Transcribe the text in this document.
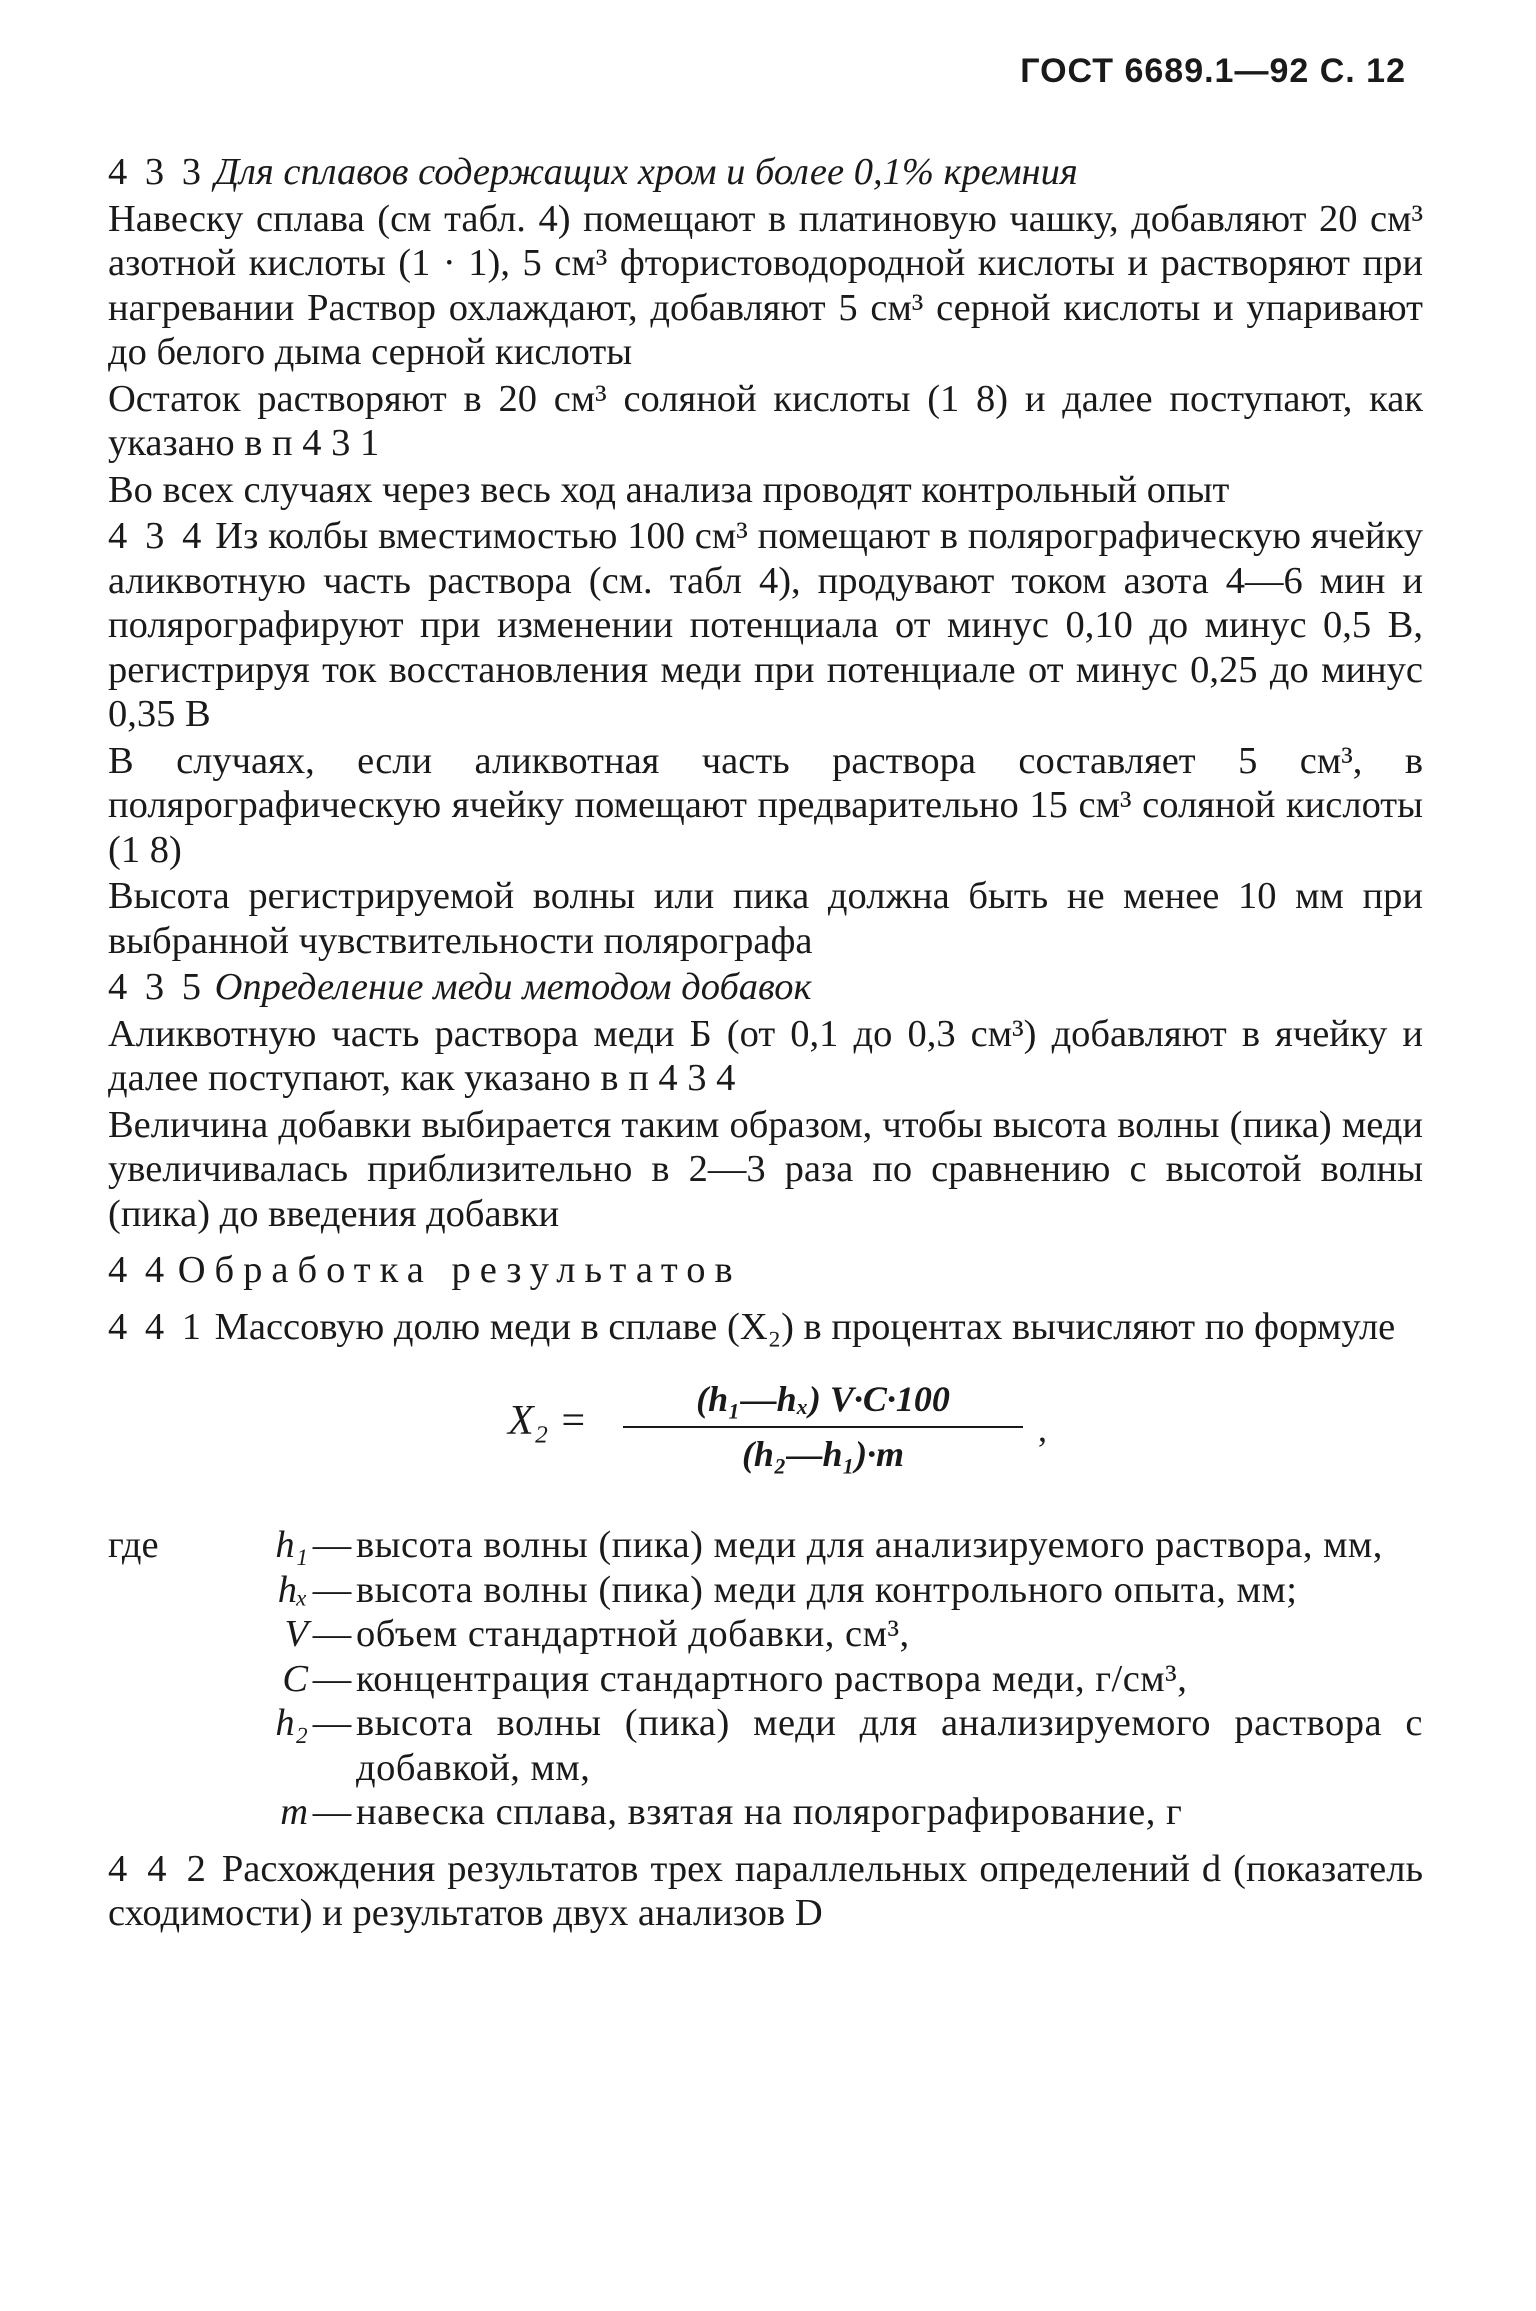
ГОСТ 6689.1—92 С. 12

4 3 3 Для сплавов содержащих хром и более 0,1% кремния

Навеску сплава (см табл. 4) помещают в платиновую чашку, добавляют 20 см³ азотной кислоты (1 · 1), 5 см³ фтористоводородной кислоты и растворяют при нагревании Раствор охлаждают, добавляют 5 см³ серной кислоты и упаривают до белого дыма серной кислоты

Остаток растворяют в 20 см³ соляной кислоты (1 8) и далее поступают, как указано в п 4 3 1

Во всех случаях через весь ход анализа проводят контрольный опыт

4 3 4 Из колбы вместимостью 100 см³ помещают в полярографическую ячейку аликвотную часть раствора (см. табл 4), продувают током азота 4—6 мин и полярографируют при изменении потенциала от минус 0,10 до минус 0,5 В, регистрируя ток восстановления меди при потенциале от минус 0,25 до минус 0,35 В

В случаях, если аликвотная часть раствора составляет 5 см³, в полярографическую ячейку помещают предварительно 15 см³ соляной кислоты (1 8)

Высота регистрируемой волны или пика должна быть не менее 10 мм при выбранной чувствительности полярографа

4 3 5 Определение меди методом добавок

Аликвотную часть раствора меди Б (от 0,1 до 0,3 см³) добавляют в ячейку и далее поступают, как указано в п 4 3 4

Величина добавки выбирается таким образом, чтобы высота волны (пика) меди увеличивалась приблизительно в 2—3 раза по сравнению с высотой волны (пика) до введения добавки

4 4 Обработка результатов

4 4 1 Массовую долю меди в сплаве (X₂) в процентах вычисляют по формуле

X₂ =	(h₁—hₓ) V·C·100
(h₂—h₁)·m
,
где	h₁ — высота волны (пика) меди для анализируемого раствора, мм,
hₓ — высота волны (пика) меди для контрольного опыта, мм;
V — объем стандартной добавки, см³,
C — концентрация стандартного раствора меди, г/см³,
h₂ — высота волны (пика) меди для анализируемого раствора с добавкой, мм,
m — навеска сплава, взятая на полярографирование, г

4 4 2 Расхождения результатов трех параллельных определений d (показатель сходимости) и результатов двух анализов D
